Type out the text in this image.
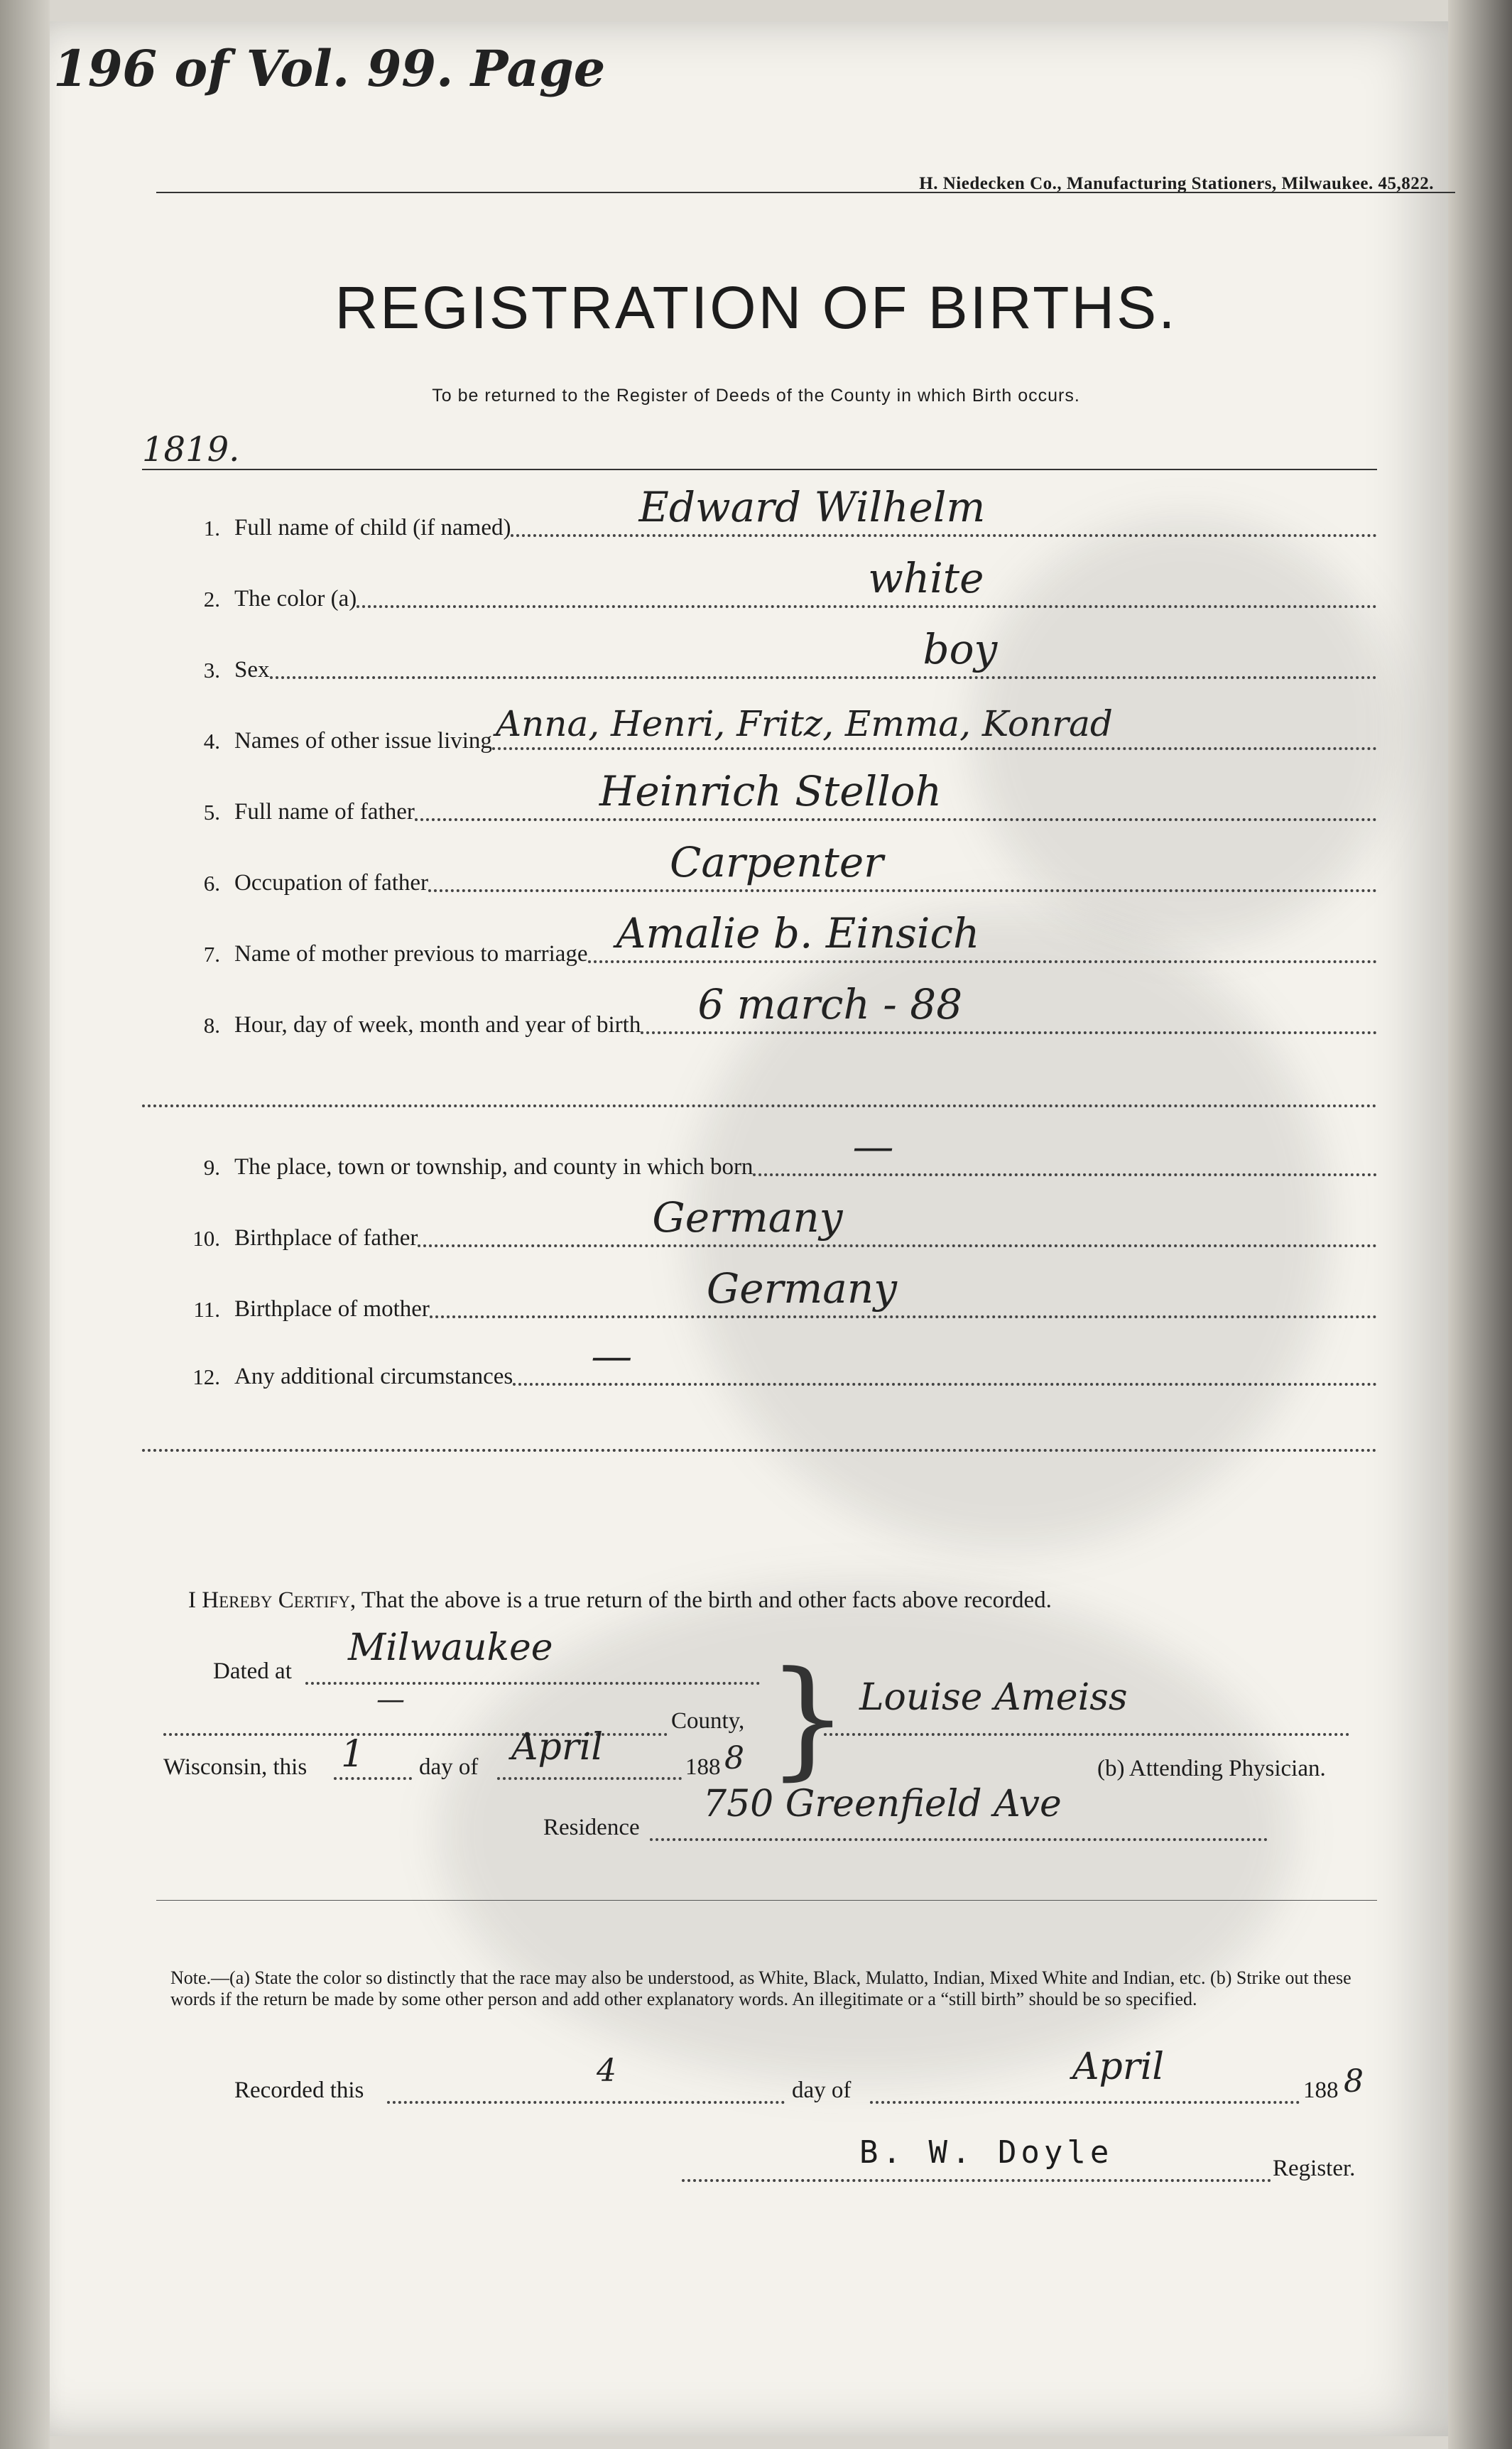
196 of Vol. 99. Page
H. Niedecken Co., Manufacturing Stationers, Milwaukee. 45,822.
REGISTRATION OF BIRTHS.
To be returned to the Register of Deeds of the County in which Birth occurs.
1819.
1. Full name of child (if named)	Edward Wilhelm
2. The color (a)	white
3. Sex	boy
4. Names of other issue living Anna, Henri, Fritz, Emma, Konrad
5. Full name of father	Heinrich Stelloh
6. Occupation of father	Carpenter
7. Name of mother previous to marriage Amalie b. Einsich
8. Hour, day of week, month and year of birth 6 march - 88
9. The place, town or township, and county in which born —
10. Birthplace of father	Germany
11. Birthplace of mother	Germany
12. Any additional circumstances —
I Hereby Certify, That the above is a true return of the birth and other facts above recorded.
Dated at
Milwaukee
—
County,
Wisconsin, this 1 day of April	188 8 } Louise Ameiss
(b) Attending Physician.
Residence
750 Greenfield Ave
Note.—(a) State the color so distinctly that the race may also be understood, as White, Black, Mulatto, Indian, Mixed White and Indian, etc. (b) Strike out these words if the return be made by some other person and add other explanatory words. An illegitimate or a “still birth” should be so specified.
Recorded this
4
day of
April
188 8
B. W. Doyle	Register.
